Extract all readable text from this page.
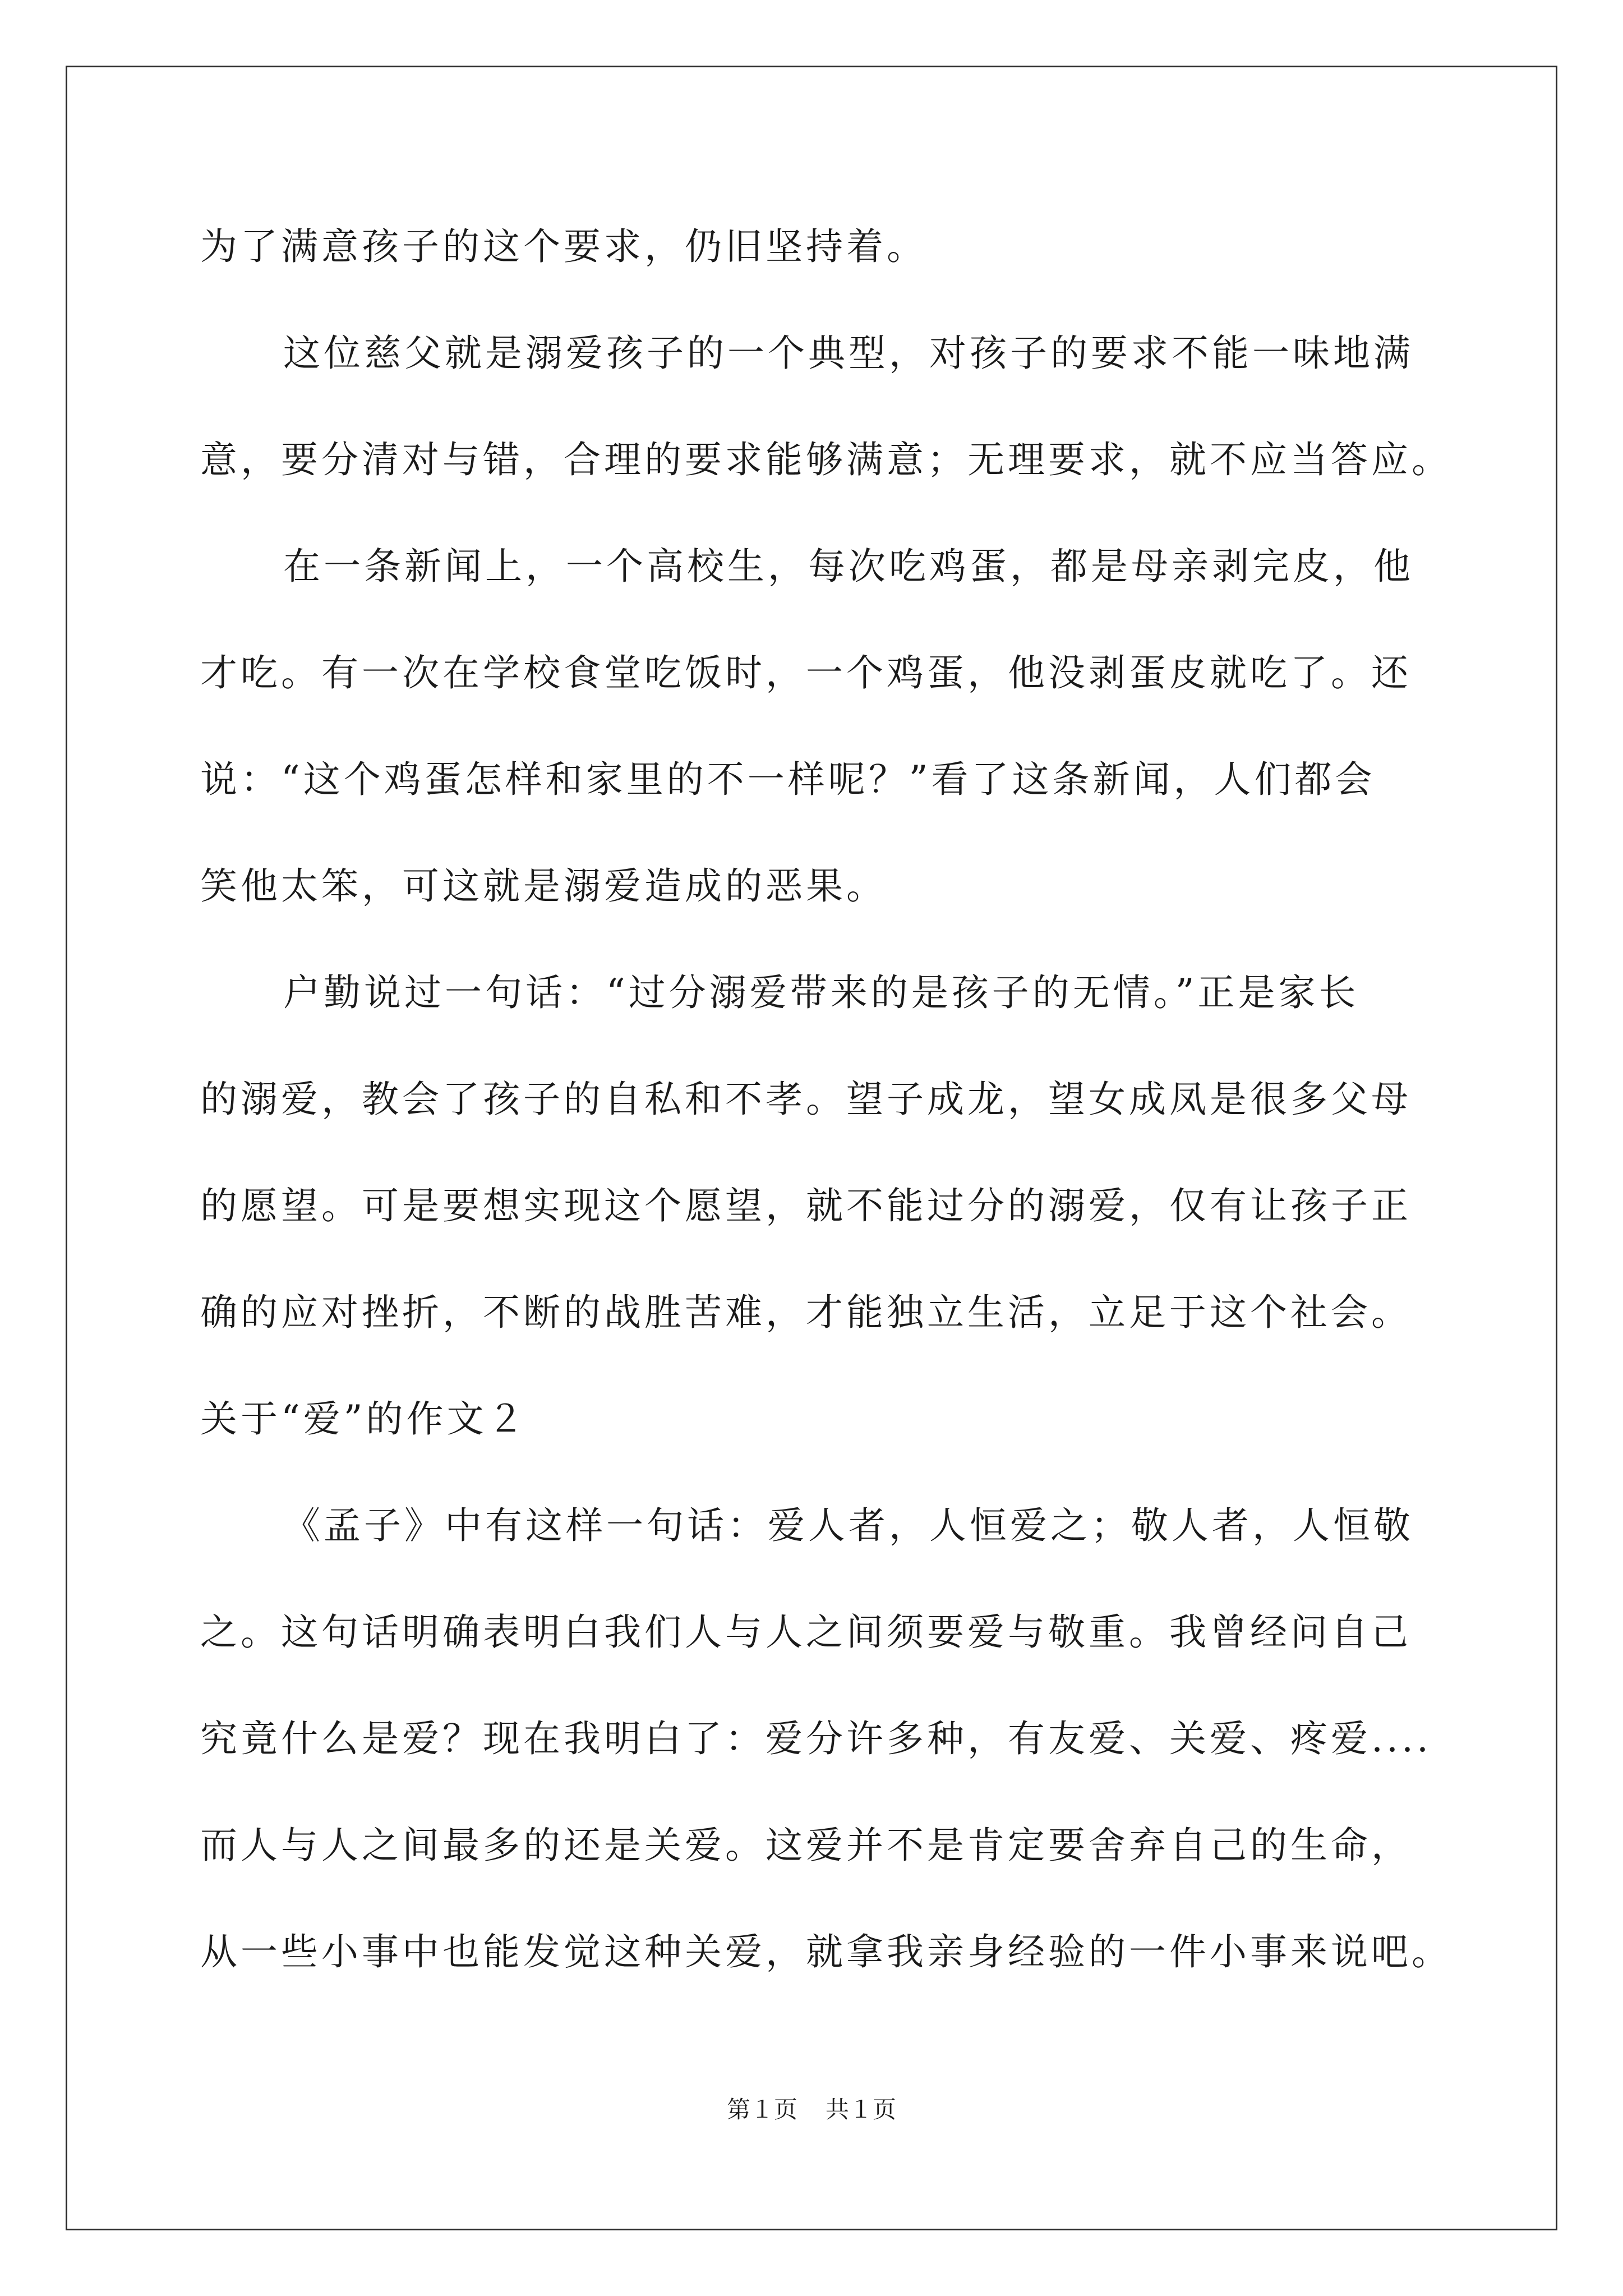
为了满意孩子的这个要求，仍旧坚持着。
这位慈父就是溺爱孩子的一个典型，对孩子的要求不能一味地满
意，要分清对与错，合理的要求能够满意；无理要求，就不应当答应。
在一条新闻上，一个高校生，每次吃鸡蛋，都是母亲剥完皮，他
才吃。有一次在学校食堂吃饭时，一个鸡蛋，他没剥蛋皮就吃了。还
说：“这个鸡蛋怎样和家里的不一样呢？”看了这条新闻，人们都会
笑他太笨，可这就是溺爱造成的恶果。
户勤说过一句话：“过分溺爱带来的是孩子的无情。”正是家长
的溺爱，教会了孩子的自私和不孝。望子成龙，望女成凤是很多父母
的愿望。可是要想实现这个愿望，就不能过分的溺爱，仅有让孩子正
确的应对挫折，不断的战胜苦难，才能独立生活，立足于这个社会。
关于“爱”的作文２
《孟子》中有这样一句话：爱人者，人恒爱之；敬人者，人恒敬
之。这句话明确表明白我们人与人之间须要爱与敬重。我曾经问自己
究竟什么是爱？现在我明白了：爱分许多种，有友爱、关爱、疼爱....
而人与人之间最多的还是关爱。这爱并不是肯定要舍弃自己的生命，
从一些小事中也能发觉这种关爱，就拿我亲身经验的一件小事来说吧。
第１页 共１页
